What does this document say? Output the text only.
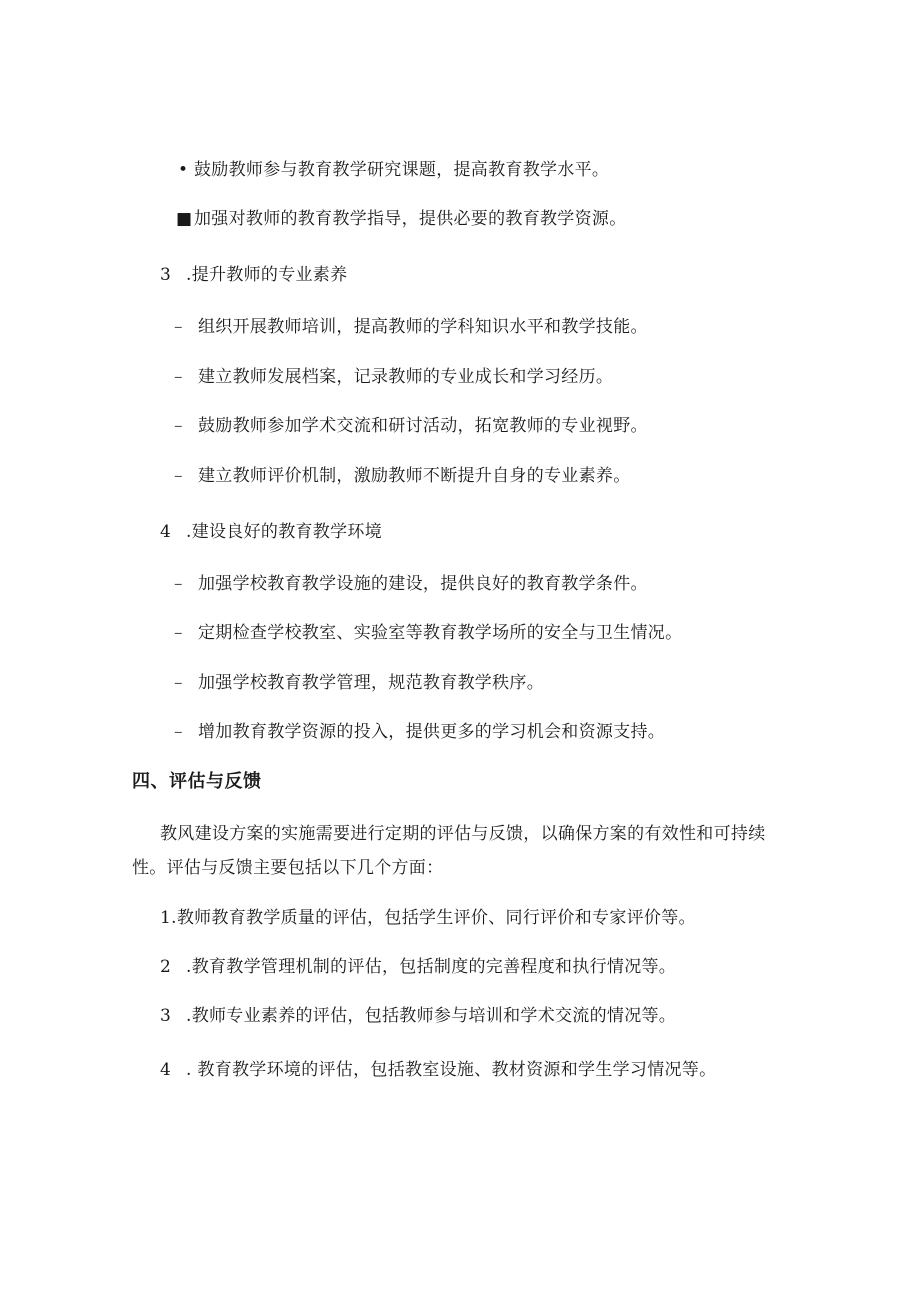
• 鼓励教师参与教育教学研究课题，提高教育教学水平。
■加强对教师的教育教学指导，提供必要的教育教学资源。
3 .提升教师的专业素养
– 组织开展教师培训，提高教师的学科知识水平和教学技能。
– 建立教师发展档案，记录教师的专业成长和学习经历。
– 鼓励教师参加学术交流和研讨活动，拓宽教师的专业视野。
– 建立教师评价机制，激励教师不断提升自身的专业素养。
4 .建设良好的教育教学环境
– 加强学校教育教学设施的建设，提供良好的教育教学条件。
– 定期检查学校教室、实验室等教育教学场所的安全与卫生情况。
– 加强学校教育教学管理，规范教育教学秩序。
– 增加教育教学资源的投入，提供更多的学习机会和资源支持。
四、评估与反馈
教风建设方案的实施需要进行定期的评估与反馈，以确保方案的有效性和可持续
性。评估与反馈主要包括以下几个方面：
1.教师教育教学质量的评估，包括学生评价、同行评价和专家评价等。
2 .教育教学管理机制的评估，包括制度的完善程度和执行情况等。
3 .教师专业素养的评估，包括教师参与培训和学术交流的情况等。
4 . 教育教学环境的评估，包括教室设施、教材资源和学生学习情况等。
